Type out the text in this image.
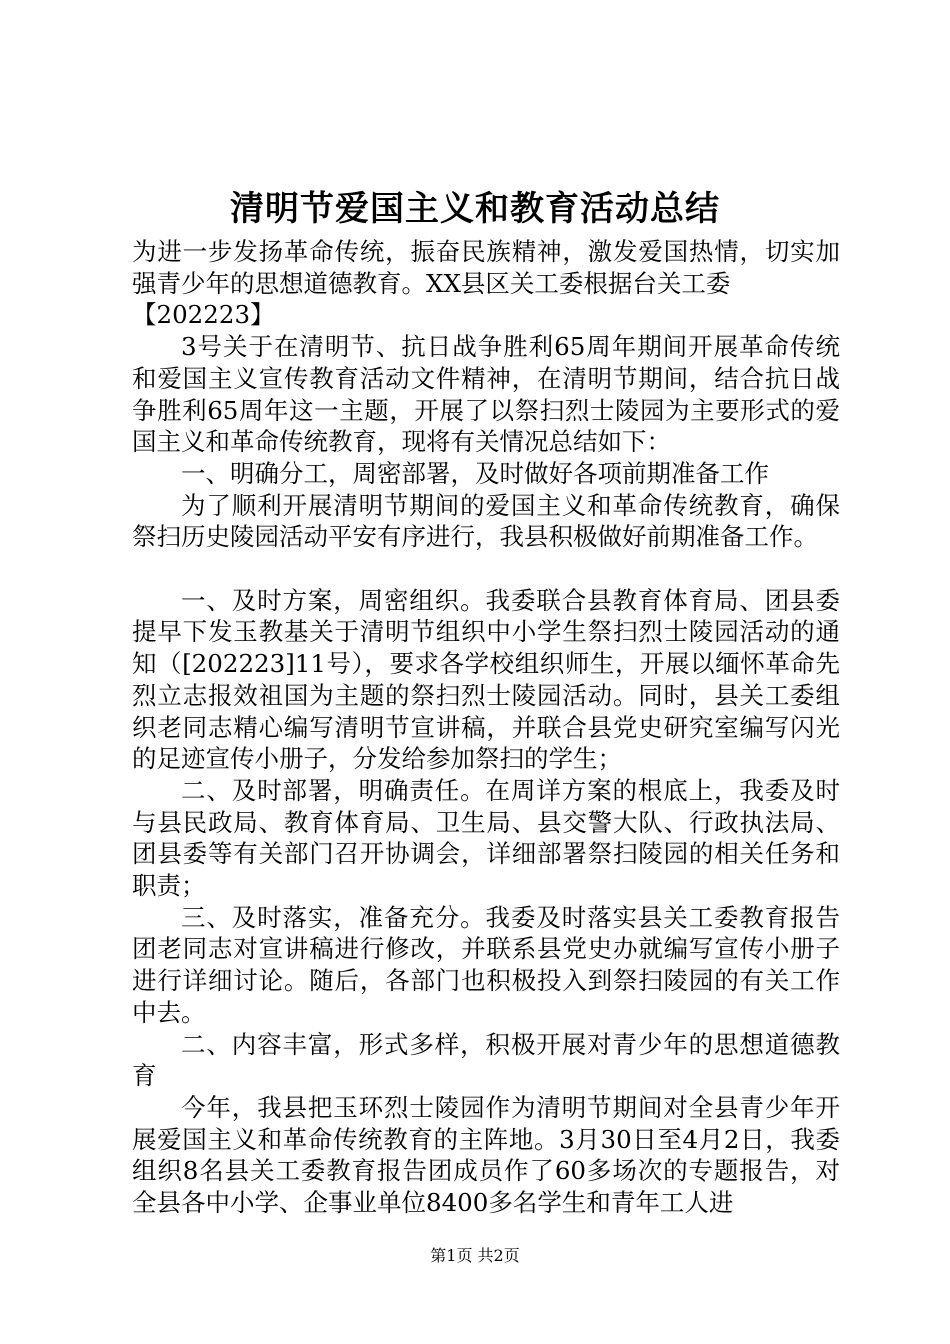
清明节爱国主义和教育活动总结

为进一步发扬革命传统，振奋民族精神，激发爱国热情，切实加强青少年的思想道德教育。XX县区关工委根据台关工委

【202223】

3号关于在清明节、抗日战争胜利65周年期间开展革命传统和爱国主义宣传教育活动文件精神，在清明节期间，结合抗日战争胜利65周年这一主题，开展了以祭扫烈士陵园为主要形式的爱国主义和革命传统教育，现将有关情况总结如下：

一、明确分工，周密部署，及时做好各项前期准备工作

为了顺利开展清明节期间的爱国主义和革命传统教育，确保祭扫历史陵园活动平安有序进行，我县积极做好前期准备工作。

一、及时方案，周密组织。我委联合县教育体育局、团县委提早下发玉教基关于清明节组织中小学生祭扫烈士陵园活动的通知（[202223]11号），要求各学校组织师生，开展以缅怀革命先烈立志报效祖国为主题的祭扫烈士陵园活动。同时，县关工委组织老同志精心编写清明节宣讲稿，并联合县党史研究室编写闪光的足迹宣传小册子，分发给参加祭扫的学生；

二、及时部署，明确责任。在周详方案的根底上，我委及时与县民政局、教育体育局、卫生局、县交警大队、行政执法局、团县委等有关部门召开协调会，详细部署祭扫陵园的相关任务和职责；

三、及时落实，准备充分。我委及时落实县关工委教育报告团老同志对宣讲稿进行修改，并联系县党史办就编写宣传小册子进行详细讨论。随后，各部门也积极投入到祭扫陵园的有关工作中去。

二、内容丰富，形式多样，积极开展对青少年的思想道德教育

今年，我县把玉环烈士陵园作为清明节期间对全县青少年开展爱国主义和革命传统教育的主阵地。3月30日至4月2日，我委组织8名县关工委教育报告团成员作了60多场次的专题报告，对全县各中小学、企事业单位8400多名学生和青年工人进

第1页 共2页
